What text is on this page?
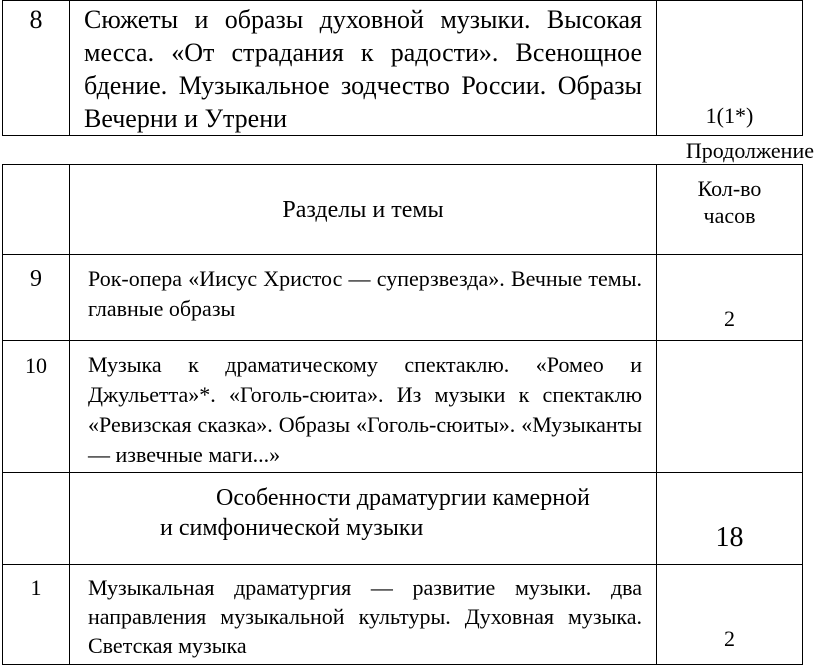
8	Сюжеты и образы духовной музыки. Высокая месса. «От страдания к радости». Всенощное бдение. Музыкальное зодчество России. Образы Вечерни и Утрени	1(1*)
Продолжение

	Разделы и темы	Кол-во
часов

9	Рок-опера «Иисус Христос — суперзвезда». Вечные темы. главные образы	2

10	Музыка к драматическому спектаклю. «Ромео и Джульетта»*. «Гоголь-сюита». Из музыки к спектаклю «Ревизская сказка». Образы «Гоголь-сюиты». «Музыканты — извечные маги...»	

	Особенности драматургии камерной
и симфонической музыки	18

1	Музыкальная драматургия — развитие музыки. два направления музыкальной культуры. Духовная музыка. Светская музыка	2
